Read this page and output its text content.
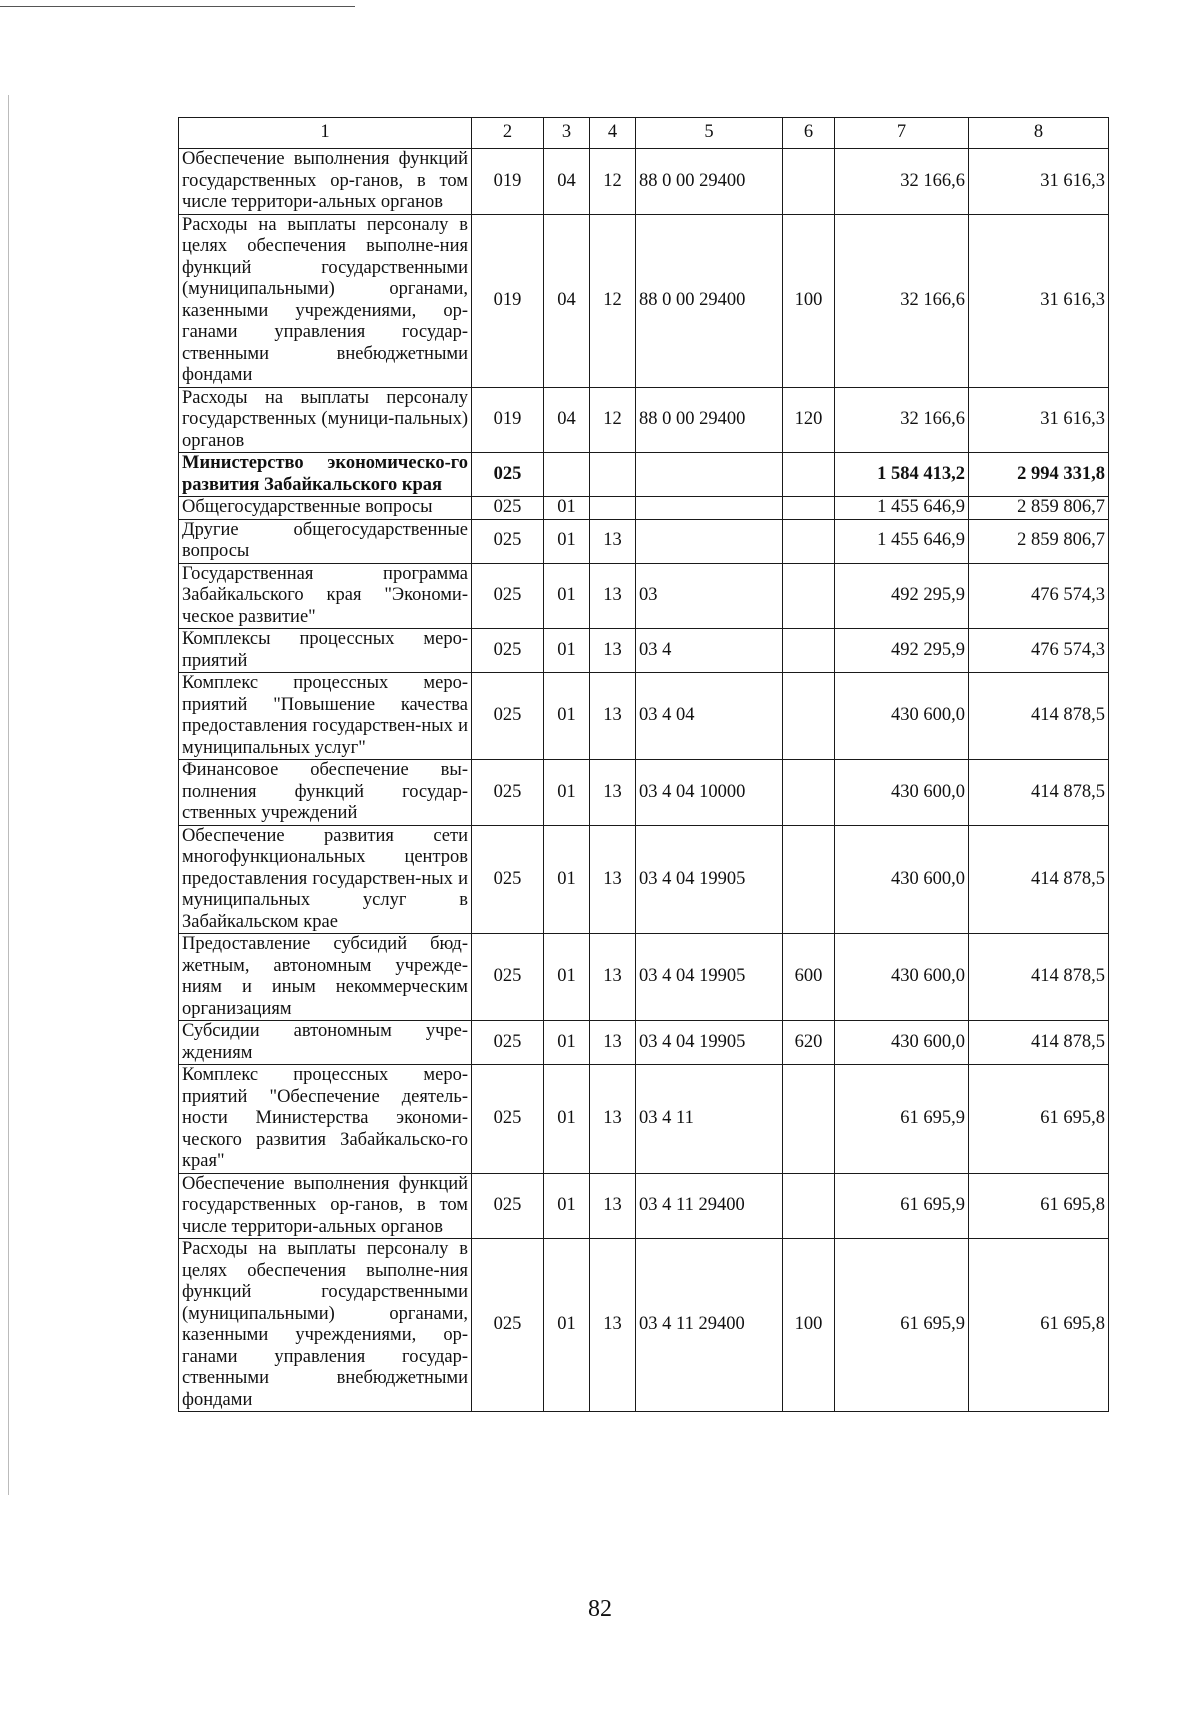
1	2	3	4	5	6	7	8
Обеспечение выполнения функций государственных ор-ганов, в том числе территори-альных органов	019	04	12	88 0 00 29400		32 166,6	31 616,3
Расходы на выплаты персоналу в целях обеспечения выполне-ния функций государственными (муниципальными) органами, казенными учреждениями, ор-ганами управления государ-ственными внебюджетными фондами	019	04	12	88 0 00 29400	100	32 166,6	31 616,3
Расходы на выплаты персоналу государственных (муници-пальных) органов	019	04	12	88 0 00 29400	120	32 166,6	31 616,3
Министерство экономическо-го развития Забайкальского края	025					1 584 413,2	2 994 331,8
Общегосударственные вопросы	025	01				1 455 646,9	2 859 806,7
Другие общегосударственные вопросы	025	01	13			1 455 646,9	2 859 806,7
Государственная программа Забайкальского края "Экономи-ческое развитие"	025	01	13	03		492 295,9	476 574,3
Комплексы процессных меро-приятий	025	01	13	03 4		492 295,9	476 574,3
Комплекс процессных меро-приятий "Повышение качества предоставления государствен-ных и муниципальных услуг"	025	01	13	03 4 04		430 600,0	414 878,5
Финансовое обеспечение вы-полнения функций государ-ственных учреждений	025	01	13	03 4 04 10000		430 600,0	414 878,5
Обеспечение развития сети многофункциональных центров предоставления государствен-ных и муниципальных услуг в Забайкальском крае	025	01	13	03 4 04 19905		430 600,0	414 878,5
Предоставление субсидий бюд-жетным, автономным учрежде-ниям и иным некоммерческим организациям	025	01	13	03 4 04 19905	600	430 600,0	414 878,5
Субсидии автономным учре-ждениям	025	01	13	03 4 04 19905	620	430 600,0	414 878,5
Комплекс процессных меро-приятий "Обеспечение деятель-ности Министерства экономи-ческого развития Забайкальско-го края"	025	01	13	03 4 11		61 695,9	61 695,8
Обеспечение выполнения функций государственных ор-ганов, в том числе территори-альных органов	025	01	13	03 4 11 29400		61 695,9	61 695,8
Расходы на выплаты персоналу в целях обеспечения выполне-ния функций государственными (муниципальными) органами, казенными учреждениями, ор-ганами управления государ-ственными внебюджетными фондами	025	01	13	03 4 11 29400	100	61 695,9	61 695,8
82
